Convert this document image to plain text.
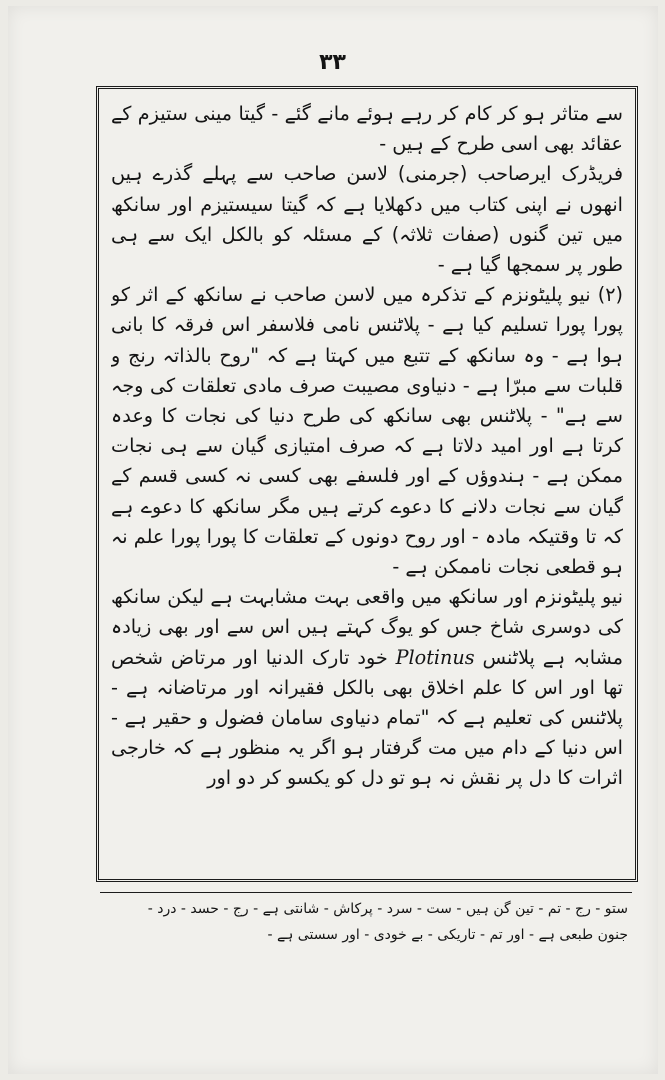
۳۳

سے متاثر ہو کر کام کر رہے ہوئے مانے گئے - گیتا مینی ستیزم کے عقائد بھی اسی طرح کے ہیں -

فریڈرک ایرصاحب (جرمنی) لاسن صاحب سے پہلے گذرے ہیں انھوں نے اپنی کتاب میں دکھلایا ہے کہ گیتا سیستیزم اور سانکھ میں تین گنوں (صفات ثلاثہ) کے مسئلہ کو بالکل ایک سے ہی طور پر سمجھا گیا ہے -

(۲) نیو پلیٹونزم کے تذکرہ میں لاسن صاحب نے سانکھ کے اثر کو پورا پورا تسلیم کیا ہے - پلاٹنس نامی فلاسفر اس فرقہ کا بانی ہوا ہے - وہ سانکھ کے تتبع میں کہتا ہے کہ "روح بالذاتہ رنج و قلبات سے مبرّا ہے - دنیاوی مصیبت صرف مادی تعلقات کی وجہ سے ہے" - پلاٹنس بھی سانکھ کی طرح دنیا کی نجات کا وعدہ کرتا ہے اور امید دلاتا ہے کہ صرف امتیازی گیان سے ہی نجات ممکن ہے - ہندوؤں کے اور فلسفے بھی کسی نہ کسی قسم کے گیان سے نجات دلانے کا دعوے کرتے ہیں مگر سانکھ کا دعوے ہے کہ تا وقتیکہ مادہ - اور روح دونوں کے تعلقات کا پورا پورا علم نہ ہو قطعی نجات ناممکن ہے -

نیو پلیٹونزم اور سانکھ میں واقعی بہت مشابہت ہے لیکن سانکھ کی دوسری شاخ جس کو یوگ کہتے ہیں اس سے اور بھی زیادہ مشابہ ہے پلاٹنس Plotinus خود تارک الدنیا اور مرتاض شخص تھا اور اس کا علم اخلاق بھی بالکل فقیرانہ اور مرتاضانہ ہے - پلاٹنس کی تعلیم ہے کہ "تمام دنیاوی سامان فضول و حقیر ہے - اس دنیا کے دام میں مت گرفتار ہو اگر یہ منظور ہے کہ خارجی اثرات کا دل پر نقش نہ ہو تو دل کو یکسو کر دو اور

ستو - رج - تم - تین گن ہیں - ست - سرد - پرکاش - شانتی ہے - رج - حسد - درد -

جنون طبعی ہے - اور تم - تاریکی - بے خودی - اور سستی ہے -
